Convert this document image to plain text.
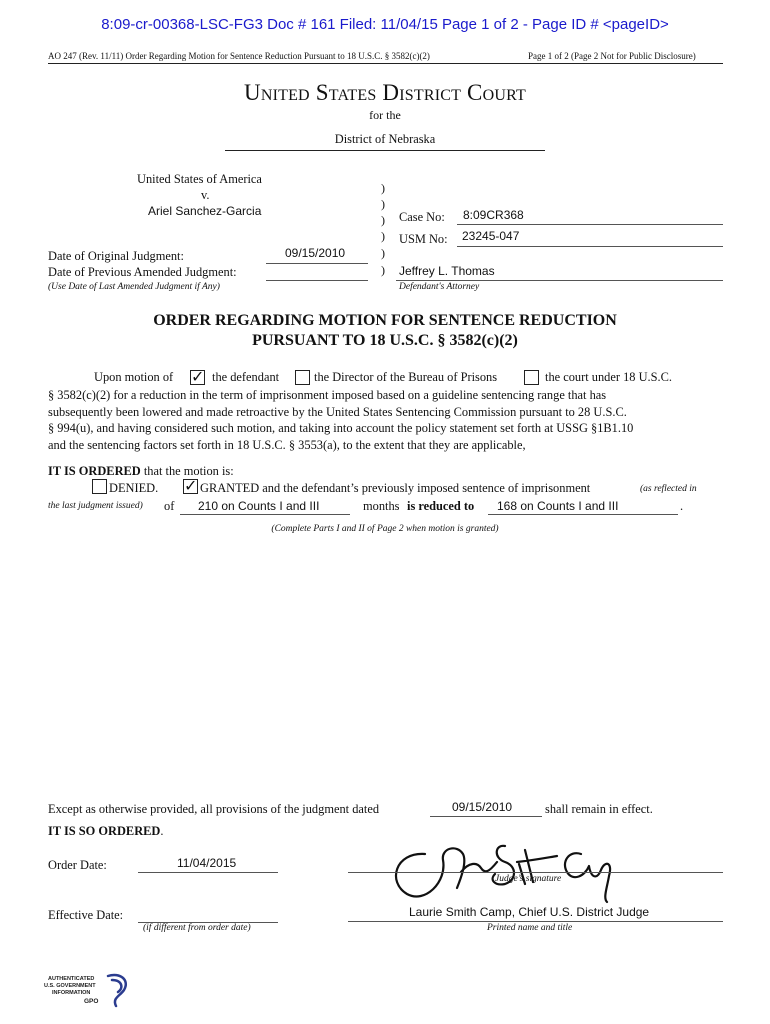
8:09-cr-00368-LSC-FG3 Doc # 161 Filed: 11/04/15 Page 1 of 2 - Page ID # <pageID>
AO 247 (Rev. 11/11) Order Regarding Motion for Sentence Reduction Pursuant to 18 U.S.C. § 3582(c)(2)	Page 1 of 2 (Page 2 Not for Public Disclosure)
United States District Court
for the
District of Nebraska
United States of America
v.
Ariel Sanchez-Garcia
)
)
)
)
)
)
Case No: 8:09CR368
USM No: 23245-047
Date of Original Judgment:	09/15/2010
Date of Previous Amended Judgment:
(Use Date of Last Amended Judgment if Any)
Jeffrey L. Thomas
Defendant's Attorney
ORDER REGARDING MOTION FOR SENTENCE REDUCTION
PURSUANT TO 18 U.S.C. § 3582(c)(2)
Upon motion of ✓ the defendant	the Director of the Bureau of Prisons	the court under 18 U.S.C.
§ 3582(c)(2) for a reduction in the term of imprisonment imposed based on a guideline sentencing range that has
subsequently been lowered and made retroactive by the United States Sentencing Commission pursuant to 28 U.S.C.
§ 994(u), and having considered such motion, and taking into account the policy statement set forth at USSG §1B1.10
and the sentencing factors set forth in 18 U.S.C. § 3553(a), to the extent that they are applicable,
IT IS ORDERED that the motion is:
DENIED. ✓ GRANTED and the defendant’s previously imposed sentence of imprisonment	(as reflected in
the last judgment issued) of 210 on Counts I and III	months is reduced to 168 on Counts I and III	.
(Complete Parts I and II of Page 2 when motion is granted)
Except as otherwise provided, all provisions of the judgment dated	09/15/2010	shall remain in effect.
IT IS SO ORDERED.
Order Date:	11/04/2015
Judge’s signature
Effective Date:
(if different from order date)
Laurie Smith Camp, Chief U.S. District Judge
Printed name and title
AUTHENTICATED
U.S. GOVERNMENT
INFORMATION
GPO
